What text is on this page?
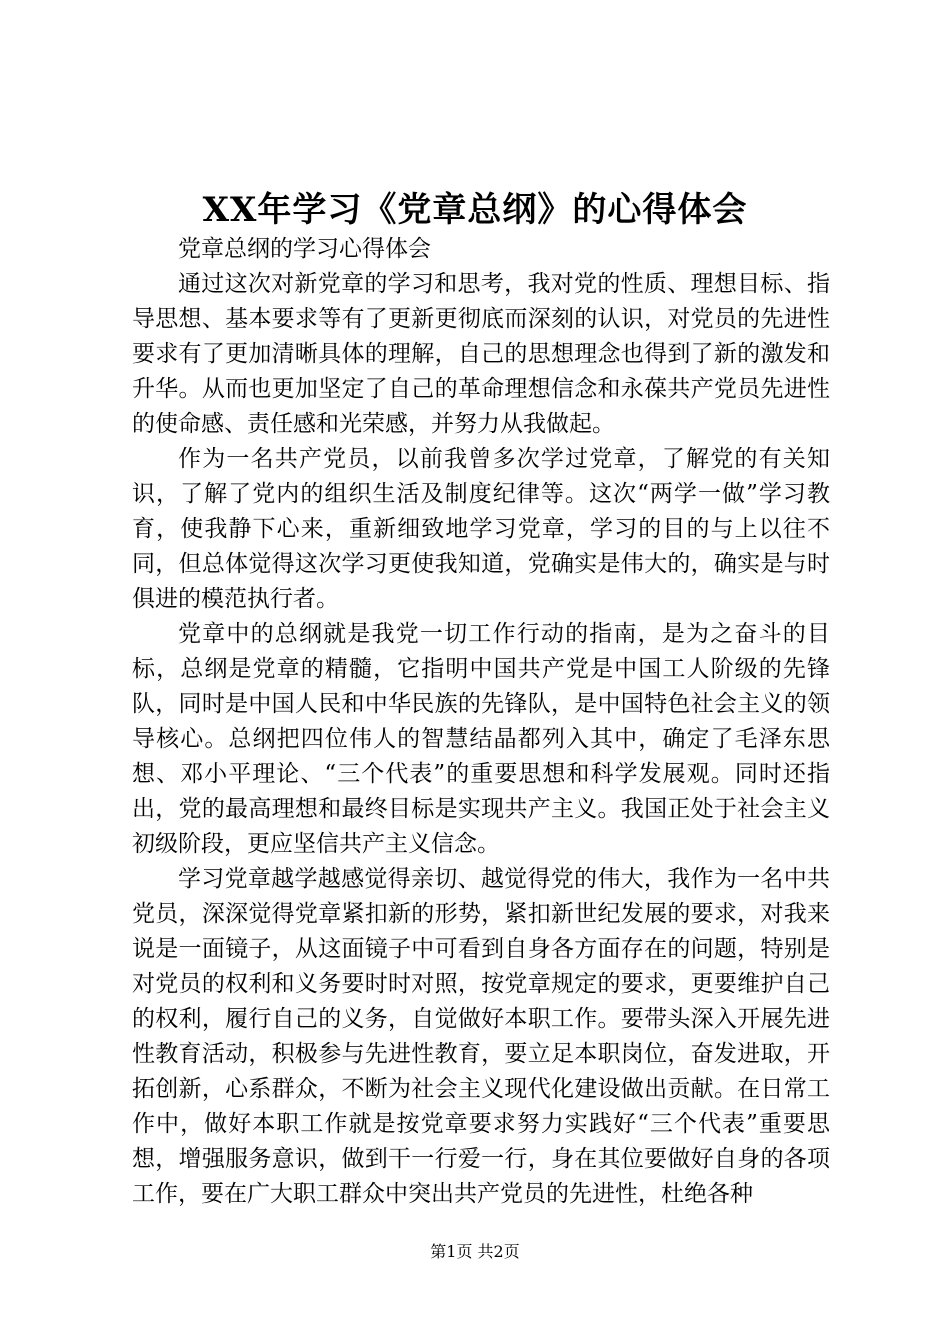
XX年学习《党章总纲》的心得体会

党章总纲的学习心得体会

通过这次对新党章的学习和思考，我对党的性质、理想目标、指导思想、基本要求等有了更新更彻底而深刻的认识，对党员的先进性要求有了更加清晰具体的理解，自己的思想理念也得到了新的激发和升华。从而也更加坚定了自己的革命理想信念和永葆共产党员先进性的使命感、责任感和光荣感，并努力从我做起。

作为一名共产党员，以前我曾多次学过党章，了解党的有关知识，了解了党内的组织生活及制度纪律等。这次“两学一做”学习教育，使我静下心来，重新细致地学习党章，学习的目的与上以往不同，但总体觉得这次学习更使我知道，党确实是伟大的，确实是与时俱进的模范执行者。

党章中的总纲就是我党一切工作行动的指南，是为之奋斗的目标，总纲是党章的精髓，它指明中国共产党是中国工人阶级的先锋队，同时是中国人民和中华民族的先锋队，是中国特色社会主义的领导核心。总纲把四位伟人的智慧结晶都列入其中，确定了毛泽东思想、邓小平理论、“三个代表”的重要思想和科学发展观。同时还指出，党的最高理想和最终目标是实现共产主义。我国正处于社会主义初级阶段，更应坚信共产主义信念。

学习党章越学越感觉得亲切、越觉得党的伟大，我作为一名中共党员，深深觉得党章紧扣新的形势，紧扣新世纪发展的要求，对我来说是一面镜子，从这面镜子中可看到自身各方面存在的问题，特别是对党员的权利和义务要时时对照，按党章规定的要求，更要维护自己的权利，履行自己的义务，自觉做好本职工作。要带头深入开展先进性教育活动，积极参与先进性教育，要立足本职岗位，奋发进取，开拓创新，心系群众，不断为社会主义现代化建设做出贡献。在日常工作中，做好本职工作就是按党章要求努力实践好“三个代表”重要思想，增强服务意识，做到干一行爱一行，身在其位要做好自身的各项工作，要在广大职工群众中突出共产党员的先进性，杜绝各种

第1页 共2页
